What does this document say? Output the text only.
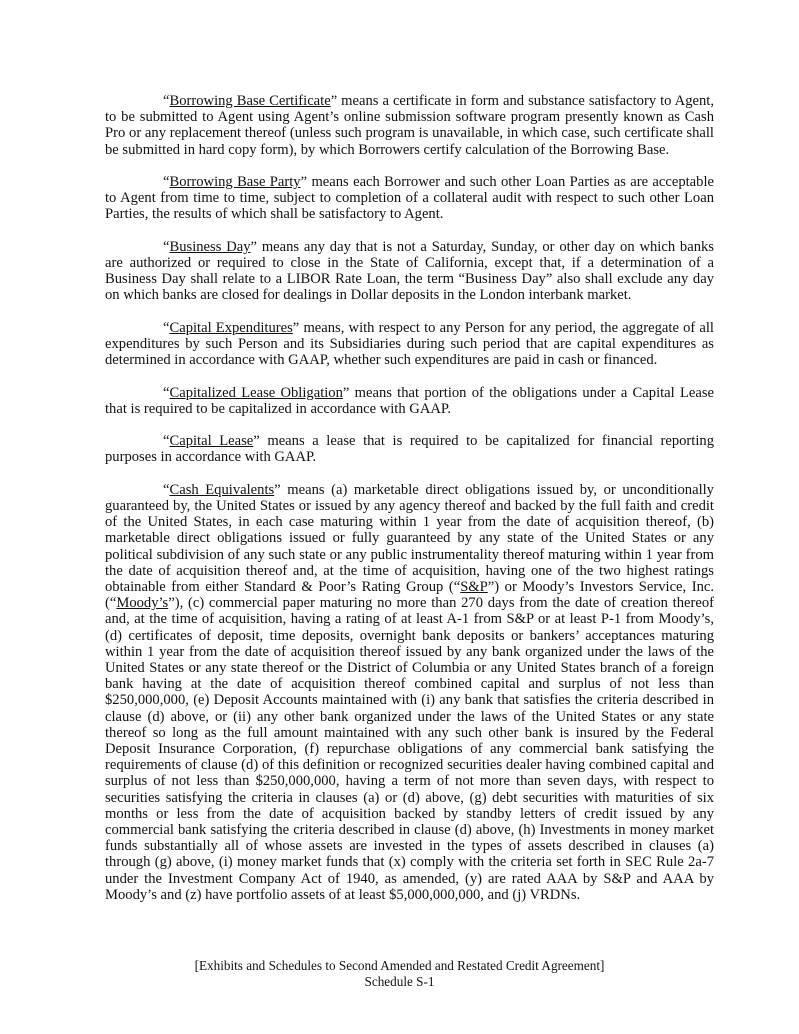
“Borrowing Base Certificate” means a certificate in form and substance satisfactory to Agent, to be submitted to Agent using Agent’s online submission software program presently known as Cash Pro or any replacement thereof (unless such program is unavailable, in which case, such certificate shall be submitted in hard copy form), by which Borrowers certify calculation of the Borrowing Base.

“Borrowing Base Party” means each Borrower and such other Loan Parties as are acceptable to Agent from time to time, subject to completion of a collateral audit with respect to such other Loan Parties, the results of which shall be satisfactory to Agent.

“Business Day” means any day that is not a Saturday, Sunday, or other day on which banks are authorized or required to close in the State of California, except that, if a determination of a Business Day shall relate to a LIBOR Rate Loan, the term “Business Day” also shall exclude any day on which banks are closed for dealings in Dollar deposits in the London interbank market.

“Capital Expenditures” means, with respect to any Person for any period, the aggregate of all expenditures by such Person and its Subsidiaries during such period that are capital expenditures as determined in accordance with GAAP, whether such expenditures are paid in cash or financed.

“Capitalized Lease Obligation” means that portion of the obligations under a Capital Lease that is required to be capitalized in accordance with GAAP.

“Capital Lease” means a lease that is required to be capitalized for financial reporting purposes in accordance with GAAP.

“Cash Equivalents” means (a) marketable direct obligations issued by, or unconditionally guaranteed by, the United States or issued by any agency thereof and backed by the full faith and credit of the United States, in each case maturing within 1 year from the date of acquisition thereof, (b) marketable direct obligations issued or fully guaranteed by any state of the United States or any political subdivision of any such state or any public instrumentality thereof maturing within 1 year from the date of acquisition thereof and, at the time of acquisition, having one of the two highest ratings obtainable from either Standard & Poor’s Rating Group (“S&P”) or Moody’s Investors Service, Inc. (“Moody’s”), (c) commercial paper maturing no more than 270 days from the date of creation thereof and, at the time of acquisition, having a rating of at least A-1 from S&P or at least P-1 from Moody’s, (d) certificates of deposit, time deposits, overnight bank deposits or bankers’ acceptances maturing within 1 year from the date of acquisition thereof issued by any bank organized under the laws of the United States or any state thereof or the District of Columbia or any United States branch of a foreign bank having at the date of acquisition thereof combined capital and surplus of not less than $250,000,000, (e) Deposit Accounts maintained with (i) any bank that satisfies the criteria described in clause (d) above, or (ii) any other bank organized under the laws of the United States or any state thereof so long as the full amount maintained with any such other bank is insured by the Federal Deposit Insurance Corporation, (f) repurchase obligations of any commercial bank satisfying the requirements of clause (d) of this definition or recognized securities dealer having combined capital and surplus of not less than $250,000,000, having a term of not more than seven days, with respect to securities satisfying the criteria in clauses (a) or (d) above, (g) debt securities with maturities of six months or less from the date of acquisition backed by standby letters of credit issued by any commercial bank satisfying the criteria described in clause (d) above, (h) Investments in money market funds substantially all of whose assets are invested in the types of assets described in clauses (a) through (g) above, (i) money market funds that (x) comply with the criteria set forth in SEC Rule 2a-7 under the Investment Company Act of 1940, as amended, (y) are rated AAA by S&P and AAA by Moody’s and (z) have portfolio assets of at least $5,000,000,000, and (j) VRDNs.

[Exhibits and Schedules to Second Amended and Restated Credit Agreement]
Schedule S-1
